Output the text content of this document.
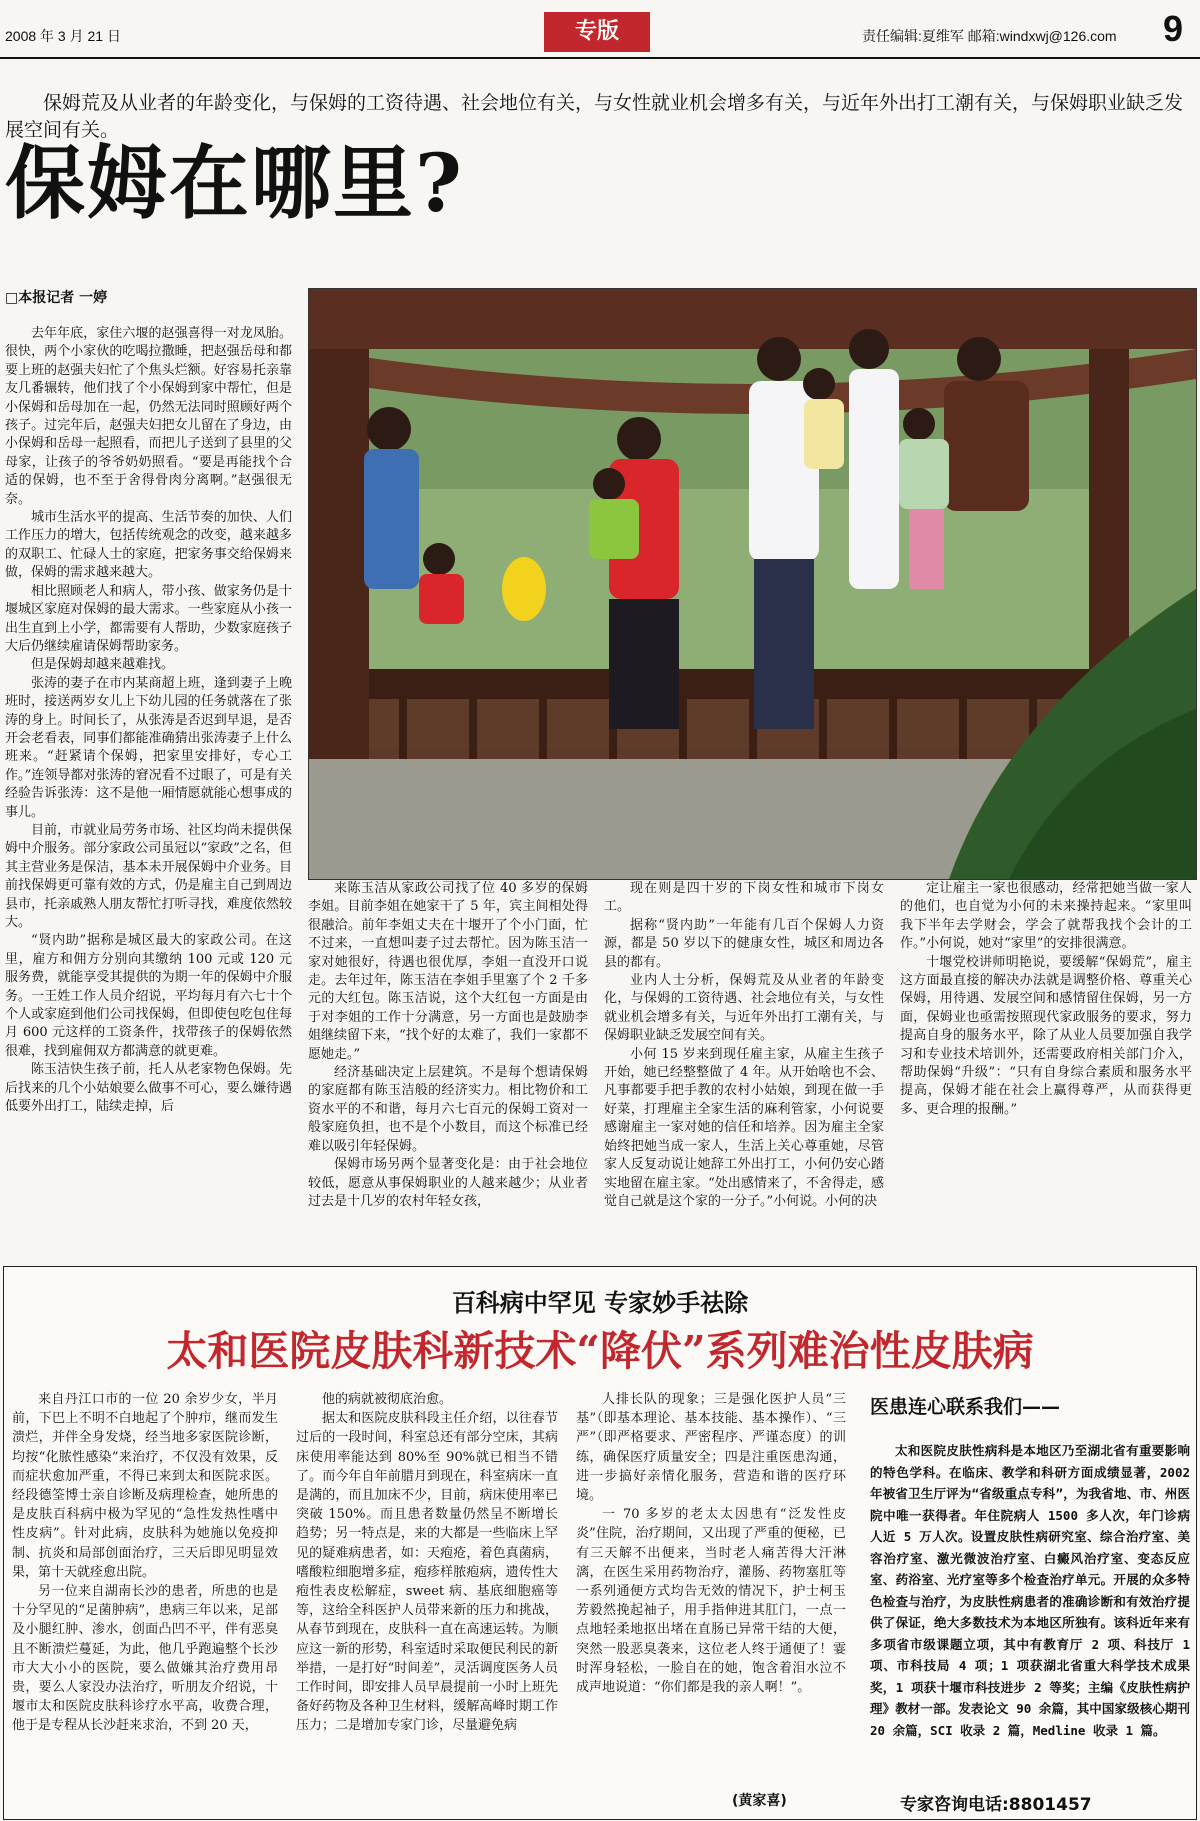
2008 年 3 月 21 日	专版	责任编辑:夏维军 邮箱:windxwj@126.com 9
保姆荒及从业者的年龄变化，与保姆的工资待遇、社会地位有关，与女性就业机会增多有关，与近年外出打工潮有关，与保姆职业缺乏发展空间有关。
保姆在哪里?
□本报记者 一婷

去年年底，家住六堰的赵强喜得一对龙凤胎。很快，两个小家伙的吃喝拉撒睡，把赵强岳母和都要上班的赵强夫妇忙了个焦头烂额。好容易托亲靠友几番辗转，他们找了个小保姆到家中帮忙，但是小保姆和岳母加在一起，仍然无法同时照顾好两个孩子。过完年后，赵强夫妇把女儿留在了身边，由小保姆和岳母一起照看，而把儿子送到了县里的父母家，让孩子的爷爷奶奶照看。“要是再能找个合适的保姆，也不至于舍得骨肉分离啊。”赵强很无奈。

城市生活水平的提高、生活节奏的加快、人们工作压力的增大，包括传统观念的改变，越来越多的双职工、忙碌人士的家庭，把家务事交给保姆来做，保姆的需求越来越大。

相比照顾老人和病人，带小孩、做家务仍是十堰城区家庭对保姆的最大需求。一些家庭从小孩一出生直到上小学，都需要有人帮助，少数家庭孩子大后仍继续雇请保姆帮助家务。

但是保姆却越来越难找。

张涛的妻子在市内某商超上班，逢到妻子上晚班时，接送两岁女儿上下幼儿园的任务就落在了张涛的身上。时间长了，从张涛是否迟到早退，是否开会老看表，同事们都能准确猜出张涛妻子上什么班来。“赶紧请个保姆，把家里安排好，专心工作。”连领导都对张涛的窘况看不过眼了，可是有关经验告诉张涛：这不是他一厢情愿就能心想事成的事儿。

目前，市就业局劳务市场、社区均尚未提供保姆中介服务。部分家政公司虽冠以“家政”之名，但其主营业务是保洁，基本未开展保姆中介业务。目前找保姆更可靠有效的方式，仍是雇主自己到周边县市，托亲戚熟人朋友帮忙打听寻找，难度依然较大。

“贤内助”据称是城区最大的家政公司。在这里，雇方和佣方分别向其缴纳 100 元或 120 元服务费，就能享受其提供的为期一年的保姆中介服务。一王姓工作人员介绍说，平均每月有六七十个个人或家庭到他们公司找保姆，但即使包吃包住每月 600 元这样的工资条件，找带孩子的保姆依然很难，找到雇佣双方都满意的就更难。

陈玉洁快生孩子前，托人从老家物色保姆。先后找来的几个小姑娘要么做事不可心，要么嫌待遇低要外出打工，陆续走掉，后

来陈玉洁从家政公司找了位 40 多岁的保姆李姐。目前李姐在她家干了 5 年，宾主间相处得很融洽。前年李姐丈夫在十堰开了个小门面，忙不过来，一直想叫妻子过去帮忙。因为陈玉洁一家对她很好，待遇也很优厚，李姐一直没开口说走。去年过年，陈玉洁在李姐手里塞了个 2 千多元的大红包。陈玉洁说，这个大红包一方面是由于对李姐的工作十分满意，另一方面也是鼓励李姐继续留下来，“找个好的太难了，我们一家都不愿她走。”

经济基础决定上层建筑。不是每个想请保姆的家庭都有陈玉洁般的经济实力。相比物价和工资水平的不和谐，每月六七百元的保姆工资对一般家庭负担，也不是个小数目，而这个标准已经难以吸引年轻保姆。

保姆市场另两个显著变化是：由于社会地位较低，愿意从事保姆职业的人越来越少；从业者过去是十几岁的农村年轻女孩，

现在则是四十岁的下岗女性和城市下岗女工。

据称“贤内助”一年能有几百个保姆人力资源，都是 50 岁以下的健康女性，城区和周边各县的都有。

业内人士分析，保姆荒及从业者的年龄变化，与保姆的工资待遇、社会地位有关，与女性就业机会增多有关，与近年外出打工潮有关，与保姆职业缺乏发展空间有关。

小何 15 岁来到现任雇主家，从雇主生孩子开始，她已经整整做了 4 年。从开始啥也不会、凡事都要手把手教的农村小姑娘，到现在做一手好菜，打理雇主全家生活的麻利管家，小何说要感谢雇主一家对她的信任和培养。因为雇主全家始终把她当成一家人，生活上关心尊重她，尽管家人反复动说让她辞工外出打工，小何仍安心踏实地留在雇主家。“处出感情来了，不舍得走，感觉自己就是这个家的一分子。”小何说。小何的决

定让雇主一家也很感动，经常把她当做一家人的他们，也自觉为小何的未来操持起来。“家里叫我下半年去学财会，学会了就帮我找个会计的工作。”小何说，她对“家里”的安排很满意。

十堰党校讲师明艳说，要缓解“保姆荒”，雇主这方面最直接的解决办法就是调整价格、尊重关心保姆，用待遇、发展空间和感情留住保姆，另一方面，保姆业也亟需按照现代家政服务的要求，努力提高自身的服务水平，除了从业人员要加强自我学习和专业技术培训外，还需要政府相关部门介入，帮助保姆“升级”：“只有自身综合素质和服务水平提高，保姆才能在社会上赢得尊严，从而获得更多、更合理的报酬。”

百科病中罕见 专家妙手祛除
太和医院皮肤科新技术“降伏”系列难治性皮肤病

来自丹江口市的一位 20 余岁少女，半月前，下巴上不明不白地起了个肿疖，继而发生溃烂，并伴全身发烧，经当地多家医院诊断，均按“化脓性感染”来治疗，不仅没有效果，反而症状愈加严重，不得已来到太和医院求医。经段德筌博士亲自诊断及病理检查，她所患的是皮肤百科病中极为罕见的“急性发热性嗜中性皮病”。针对此病，皮肤科为她施以免疫抑制、抗炎和局部创面治疗，三天后即见明显效果，第十天就痊愈出院。

另一位来自湖南长沙的患者，所患的也是十分罕见的“足菌肿病”，患病三年以来，足部及小腿红肿、渗水，创面凸凹不平，伴有恶臭且不断溃烂蔓延，为此，他几乎跑遍整个长沙市大大小小的医院，要么做嫌其治疗费用昂贵，要么人家没办法治疗，听朋友介绍说，十堰市太和医院皮肤科诊疗水平高，收费合理，他于是专程从长沙赶来求治，不到 20 天，

他的病就被彻底治愈。

据太和医院皮肤科段主任介绍，以往春节过后的一段时间，科室总还有部分空床，其病床使用率能达到 80%至 90%就已相当不错了。而今年自年前腊月到现在，科室病床一直是满的，而且加床不少，目前，病床使用率已突破 150%。而且患者数量仍然呈不断增长趋势；另一特点是，来的大都是一些临床上罕见的疑难病患者，如：天疱疮，着色真菌病，嗜酸粒细胞增多症，疱疹样脓疱病，遗传性大疱性表皮松解症，sweet 病、基底细胞癌等等，这给全科医护人员带来新的压力和挑战，从春节到现在，皮肤科一直在高速运转。为顺应这一新的形势，科室适时采取便民利民的新举措，一是打好“时间差”，灵活调度医务人员工作时间，即安排人员早晨提前一小时上班先备好药物及各种卫生材料，缓解高峰时期工作压力；二是增加专家门诊，尽量避免病

人排长队的现象；三是强化医护人员“三基”（即基本理论、基本技能、基本操作）、“三严”（即严格要求、严密程序、严谨态度）的训练，确保医疗质量安全；四是注重医患沟通，进一步搞好亲情化服务，营造和谐的医疗环境。

一 70 多岁的老太太因患有“泛发性皮炎”住院，治疗期间，又出现了严重的便秘，已有三天解不出便来，当时老人痛苦得大汗淋漓，在医生采用药物治疗，灌肠、药物塞肛等一系列通便方式均告无效的情况下，护士柯玉芳毅然挽起袖子，用手指伸进其肛门，一点一点地轻柔地抠出堵在直肠已异常干结的大便，突然一股恶臭袭来，这位老人终于通便了！霎时浑身轻松，一脸自在的她，饱含着泪水泣不成声地说道：“你们都是我的亲人啊！”。

(黄家喜)
医患连心联系我们——
太和医院皮肤性病科是本地区乃至湖北省有重要影响的特色学科。在临床、教学和科研方面成绩显著，2002 年被省卫生厅评为“省级重点专科”，为我省地、市、州医院中唯一获得者。年住院病人 1500 多人次，年门诊病人近 5 万人次。设置皮肤性病研究室、综合治疗室、美容治疗室、激光微波治疗室、白癜风治疗室、变态反应室、药浴室、光疗室等多个检查治疗单元。开展的众多特色检查与治疗，为皮肤性病患者的准确诊断和有效治疗提供了保证，绝大多数技术为本地区所独有。该科近年来有多项省市级课题立项，其中有教育厅 2 项、科技厅 1 项、市科技局 4 项；1 项获湖北省重大科学技术成果奖，1 项获十堰市科技进步 2 等奖；主编《皮肤性病护理》教材一部。发表论文 90 余篇，其中国家级核心期刊 20 余篇，SCI 收录 2 篇，Medline 收录 1 篇。
专家咨询电话:8801457
